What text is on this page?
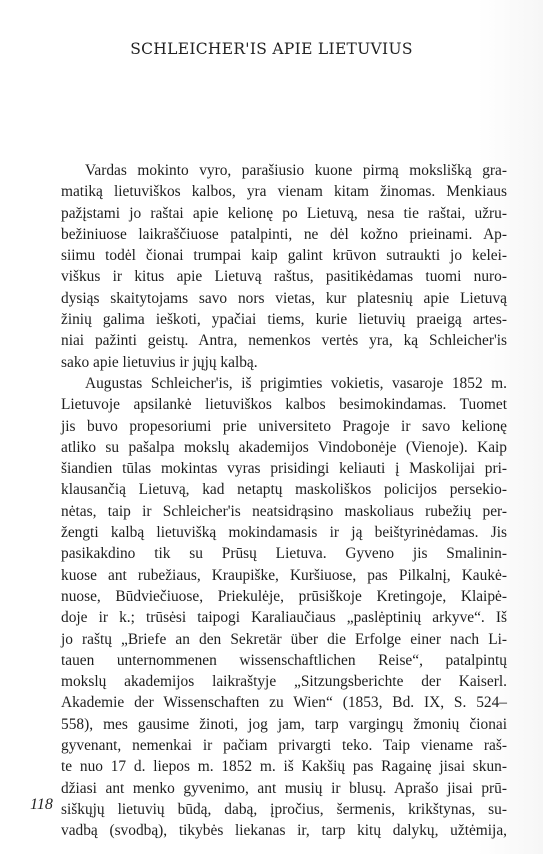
SCHLEICHER'IS APIE LIETUVIUS
Vardas mokinto vyro, parašiusio kuone pirmą mokslišką gra-
matiką lietuviškos kalbos, yra vienam kitam žinomas. Menkiaus
pažįstami jo raštai apie kelionę po Lietuvą, nesa tie raštai, užru-
bežiniuose laikraščiuose patalpinti, ne dėl kožno prieinami. Ap-
siimu todėl čionai trumpai kaip galint krūvon sutraukti jo kelei-
viškus ir kitus apie Lietuvą raštus, pasitikėdamas tuomi nuro-
dysiąs skaitytojams savo nors vietas, kur platesnių apie Lietuvą
žinių galima ieškoti, ypačiai tiems, kurie lietuvių praeigą artes-
niai pažinti geistų. Antra, nemenkos vertės yra, ką Schleicher'is
sako apie lietuvius ir jųjų kalbą.
Augustas Schleicher'is, iš prigimties vokietis, vasaroje 1852 m.
Lietuvoje apsilankė lietuviškos kalbos besimokindamas. Tuomet
jis buvo propesoriumi prie universiteto Pragoje ir savo kelionę
atliko su pašalpa mokslų akademijos Vindobonėje (Vienoje). Kaip
šiandien tūlas mokintas vyras prisidingi keliauti į Maskolijai pri-
klausančią Lietuvą, kad netaptų maskoliškos policijos persekio-
nėtas, taip ir Schleicher'is neatsidrąsino maskoliaus rubežių per-
žengti kalbą lietuvišką mokindamasis ir ją beištyrinėdamas. Jis
pasikakdino tik su Prūsų Lietuva. Gyveno jis Smalinin-
kuose ant rubežiaus, Kraupiške, Kuršiuose, pas Pilkalnį, Kaukė-
nuose, Būdviečiuose, Priekulėje, prūsiškoje Kretingoje, Klaipė-
doje ir k.; trūsėsi taipogi Karaliaučiaus „paslėptinių arkyve“. Iš
jo raštų „Briefe an den Sekretär über die Erfolge einer nach Li-
tauen unternommenen wissenschaftlichen Reise“, patalpintų
mokslų akademijos laikraštyje „Sitzungsberichte der Kaiserl.
Akademie der Wissenschaften zu Wien“ (1853, Bd. IX, S. 524–
558), mes gausime žinoti, jog jam, tarp vargingų žmonių čionai
gyvenant, nemenkai ir pačiam privargti teko. Taip viename raš-
te nuo 17 d. liepos m. 1852 m. iš Kakšių pas Ragainę jisai skun-
džiasi ant menko gyvenimo, ant musių ir blusų. Aprašo jisai prū-
siškųjų lietuvių būdą, dabą, įpročius, šermenis, krikštynas, su-
vadbą (svodbą), tikybės liekanas ir, tarp kitų dalykų, užtėmija,
118
